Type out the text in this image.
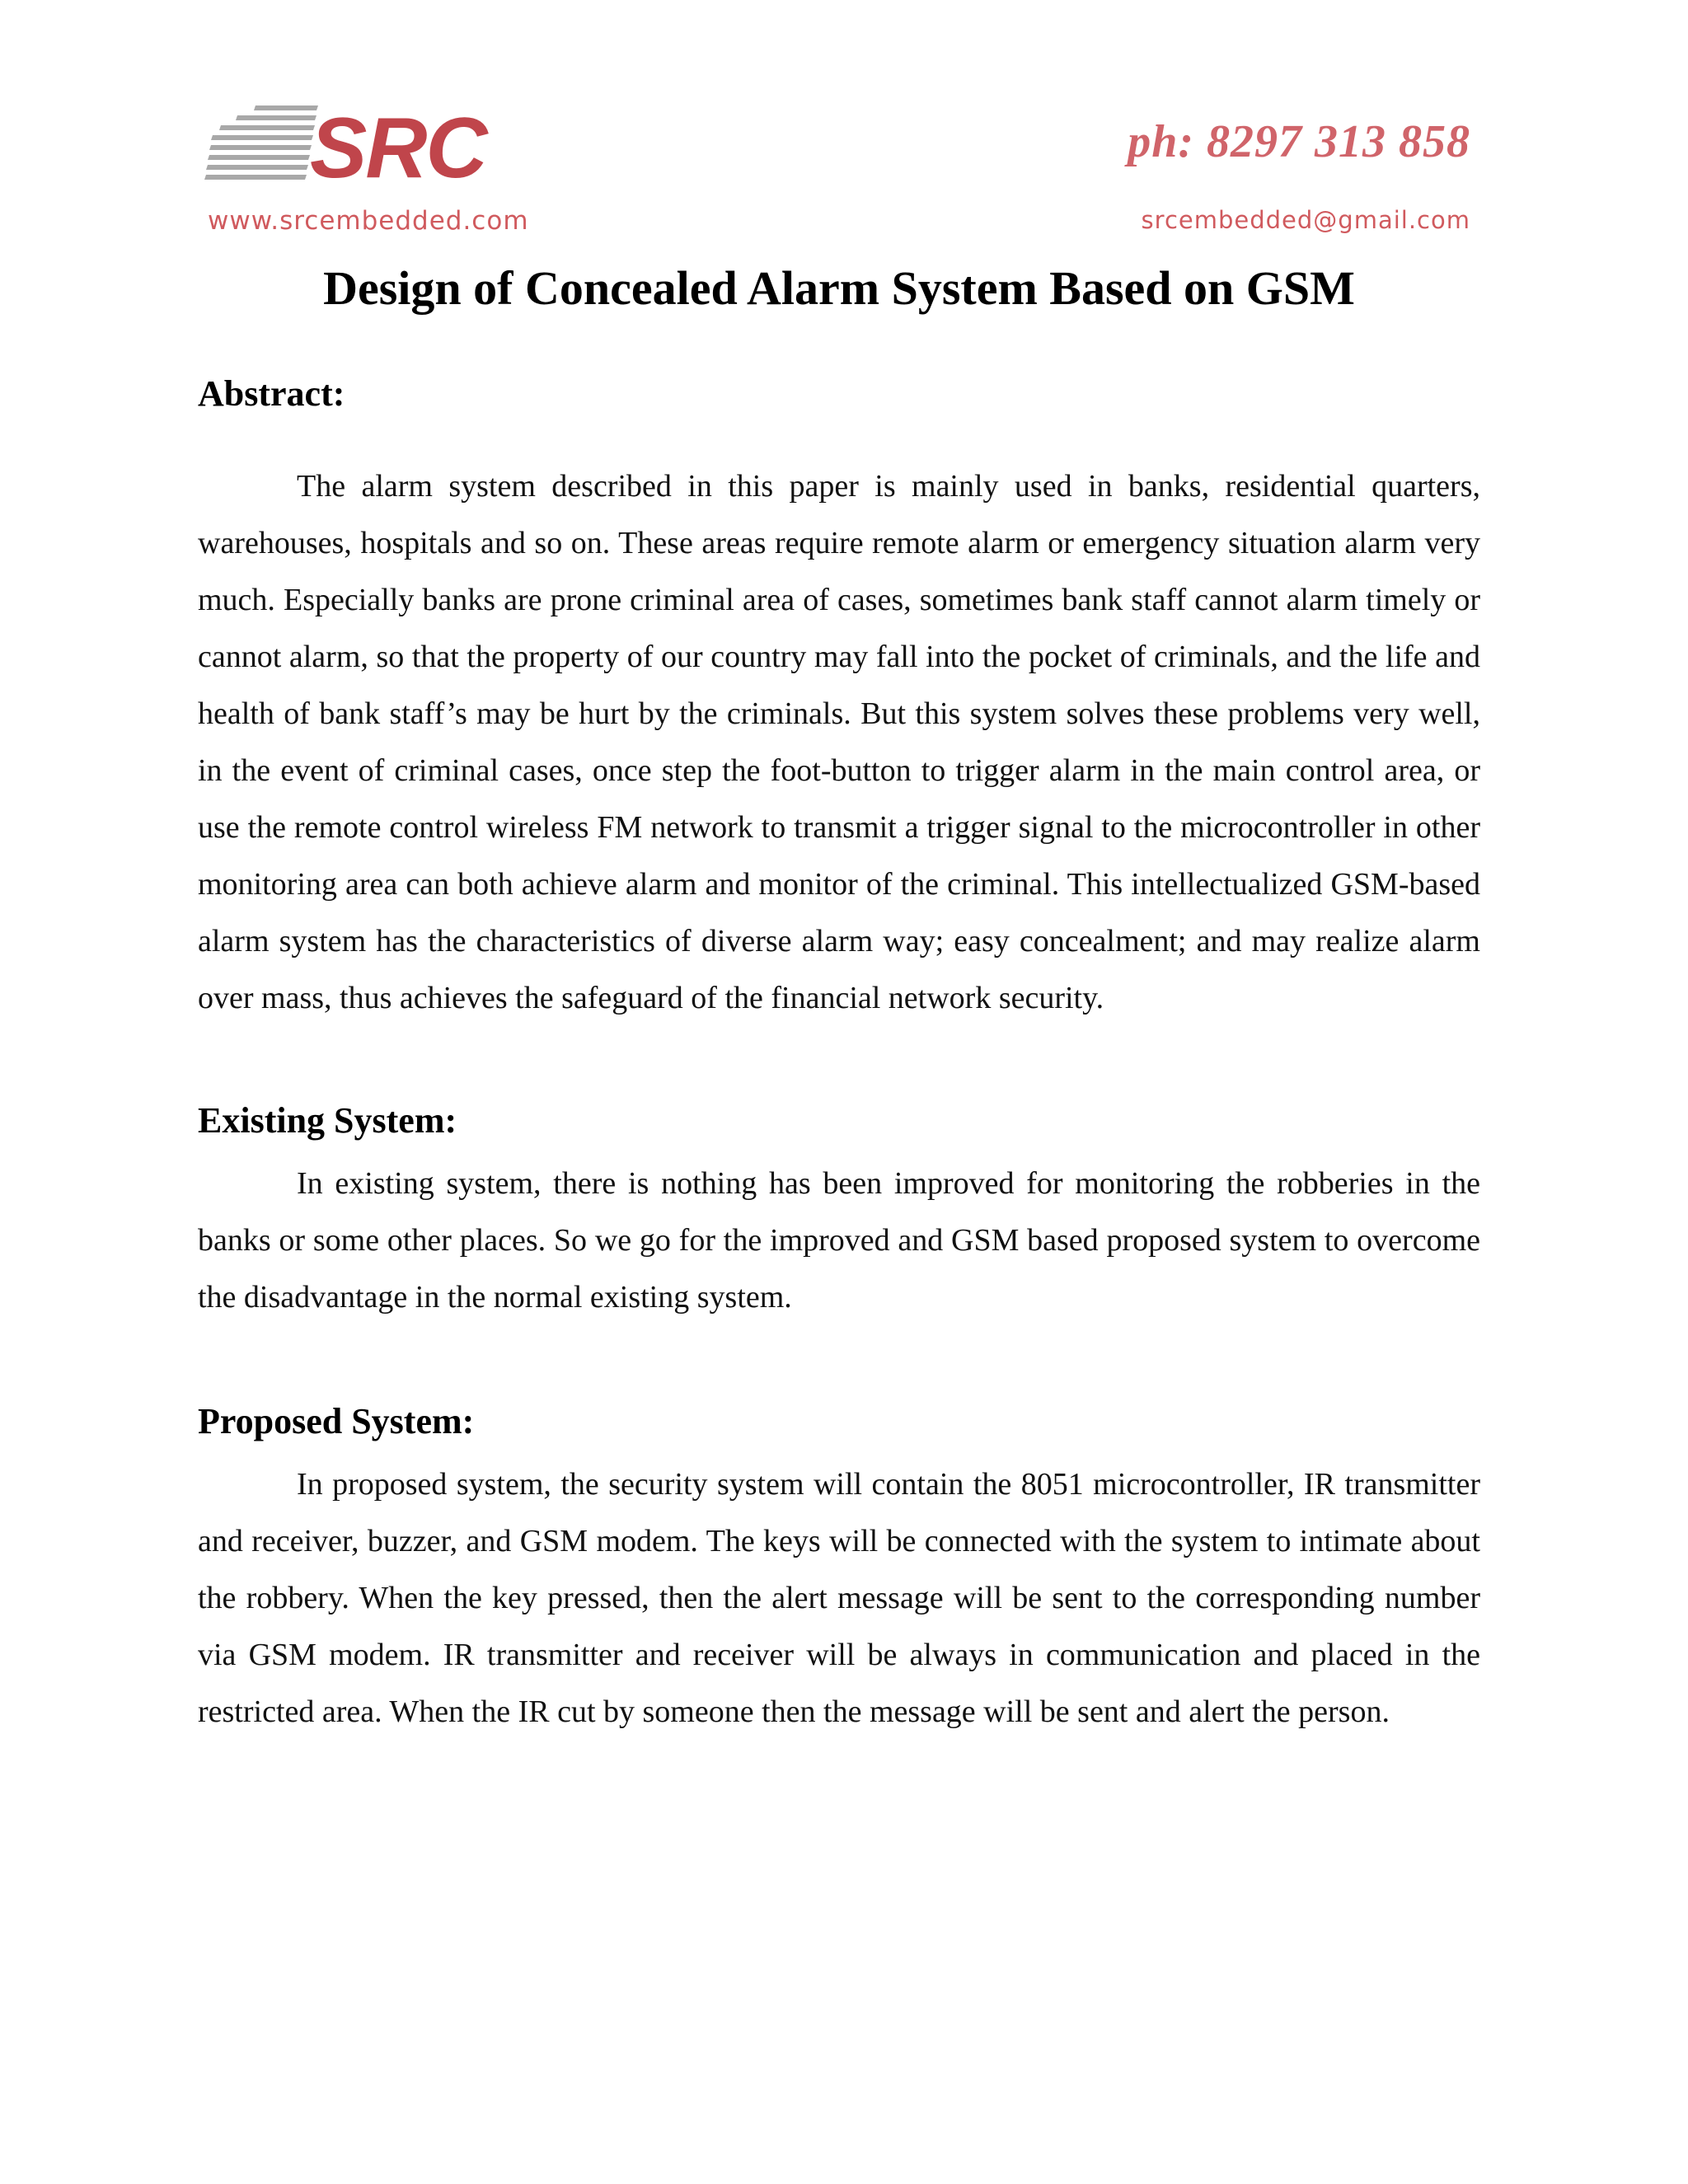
SRC
www.srcembedded.com
ph: 8297 313 858
srcembedded@gmail.com
Design of Concealed Alarm System Based on GSM
Abstract:

The alarm system described in this paper is mainly used in banks, residential quarters, warehouses, hospitals and so on. These areas require remote alarm or emergency situation alarm very much. Especially banks are prone criminal area of cases, sometimes bank staff cannot alarm timely or cannot alarm, so that the property of our country may fall into the pocket of criminals, and the life and health of bank staff’s may be hurt by the criminals. But this system solves these problems very well, in the event of criminal cases, once step the foot-button to trigger alarm in the main control area, or use the remote control wireless FM network to transmit a trigger signal to the microcontroller in other monitoring area can both achieve alarm and monitor of the criminal. This intellectualized GSM-based alarm system has the characteristics of diverse alarm way; easy concealment; and may realize alarm over mass, thus achieves the safeguard of the financial network security.

Existing System:

In existing system, there is nothing has been improved for monitoring the robberies in the banks or some other places. So we go for the improved and GSM based proposed system to overcome the disadvantage in the normal existing system.

Proposed System:

In proposed system, the security system will contain the 8051 microcontroller, IR transmitter and receiver, buzzer, and GSM modem. The keys will be connected with the system to intimate about the robbery. When the key pressed, then the alert message will be sent to the corresponding number via GSM modem. IR transmitter and receiver will be always in communication and placed in the restricted area. When the IR cut by someone then the message will be sent and alert the person.
